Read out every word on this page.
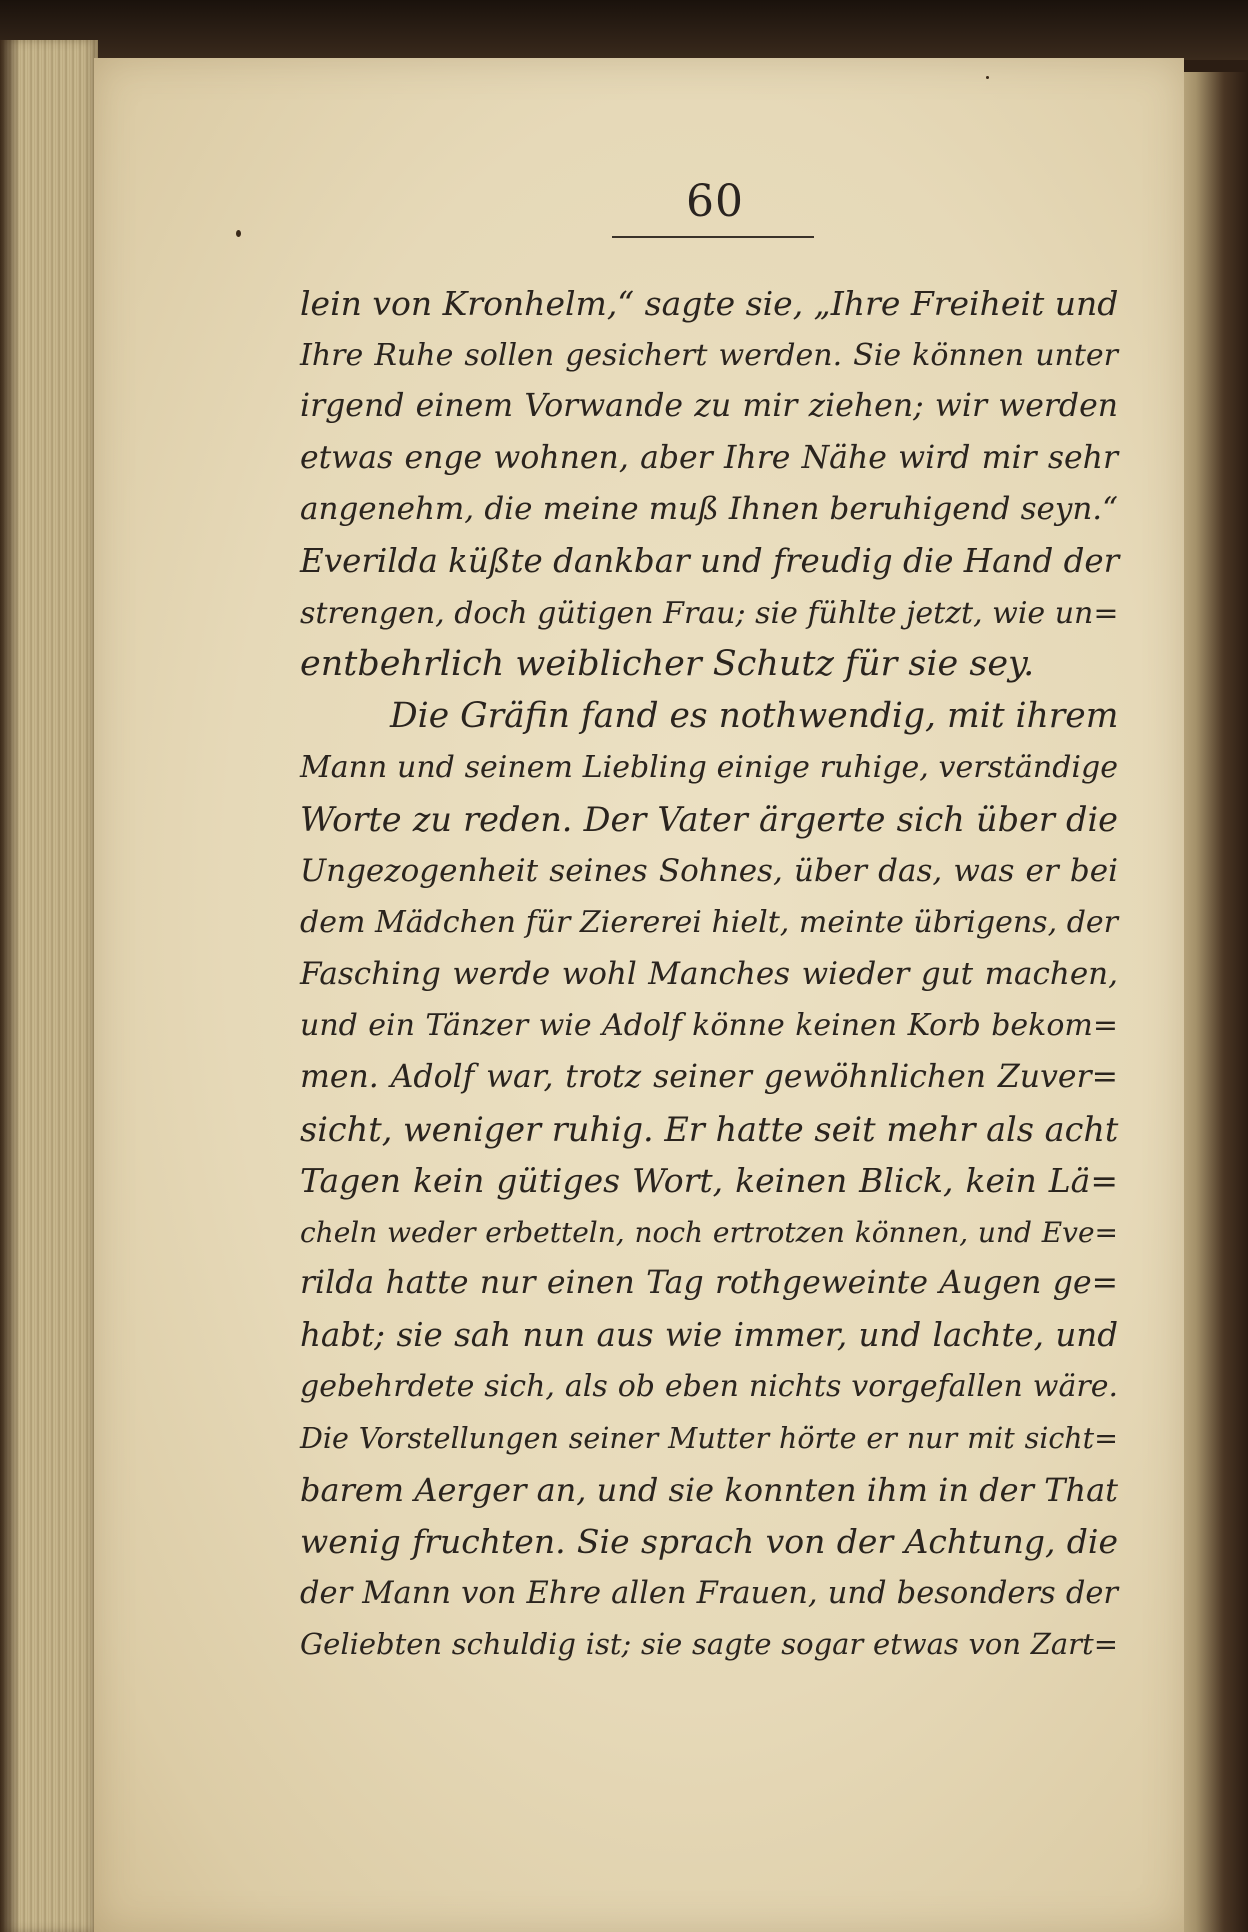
60
lein von Kronhelm,“ sagte sie, „Ihre Freiheit und
Ihre Ruhe sollen gesichert werden. Sie können unter
irgend einem Vorwande zu mir ziehen; wir werden
etwas enge wohnen, aber Ihre Nähe wird mir sehr
angenehm, die meine muß Ihnen beruhigend seyn.“
Everilda küßte dankbar und freudig die Hand der
strengen, doch gütigen Frau; sie fühlte jetzt, wie un=
entbehrlich weiblicher Schutz für sie sey.
Die Gräfin fand es nothwendig, mit ihrem
Mann und seinem Liebling einige ruhige, verständige
Worte zu reden. Der Vater ärgerte sich über die
Ungezogenheit seines Sohnes, über das, was er bei
dem Mädchen für Ziererei hielt, meinte übrigens, der
Fasching werde wohl Manches wieder gut machen,
und ein Tänzer wie Adolf könne keinen Korb bekom=
men. Adolf war, trotz seiner gewöhnlichen Zuver=
sicht, weniger ruhig. Er hatte seit mehr als acht
Tagen kein gütiges Wort, keinen Blick, kein Lä=
cheln weder erbetteln, noch ertrotzen können, und Eve=
rilda hatte nur einen Tag rothgeweinte Augen ge=
habt; sie sah nun aus wie immer, und lachte, und
gebehrdete sich, als ob eben nichts vorgefallen wäre.
Die Vorstellungen seiner Mutter hörte er nur mit sicht=
barem Aerger an, und sie konnten ihm in der That
wenig fruchten. Sie sprach von der Achtung, die
der Mann von Ehre allen Frauen, und besonders der
Geliebten schuldig ist; sie sagte sogar etwas von Zart=
